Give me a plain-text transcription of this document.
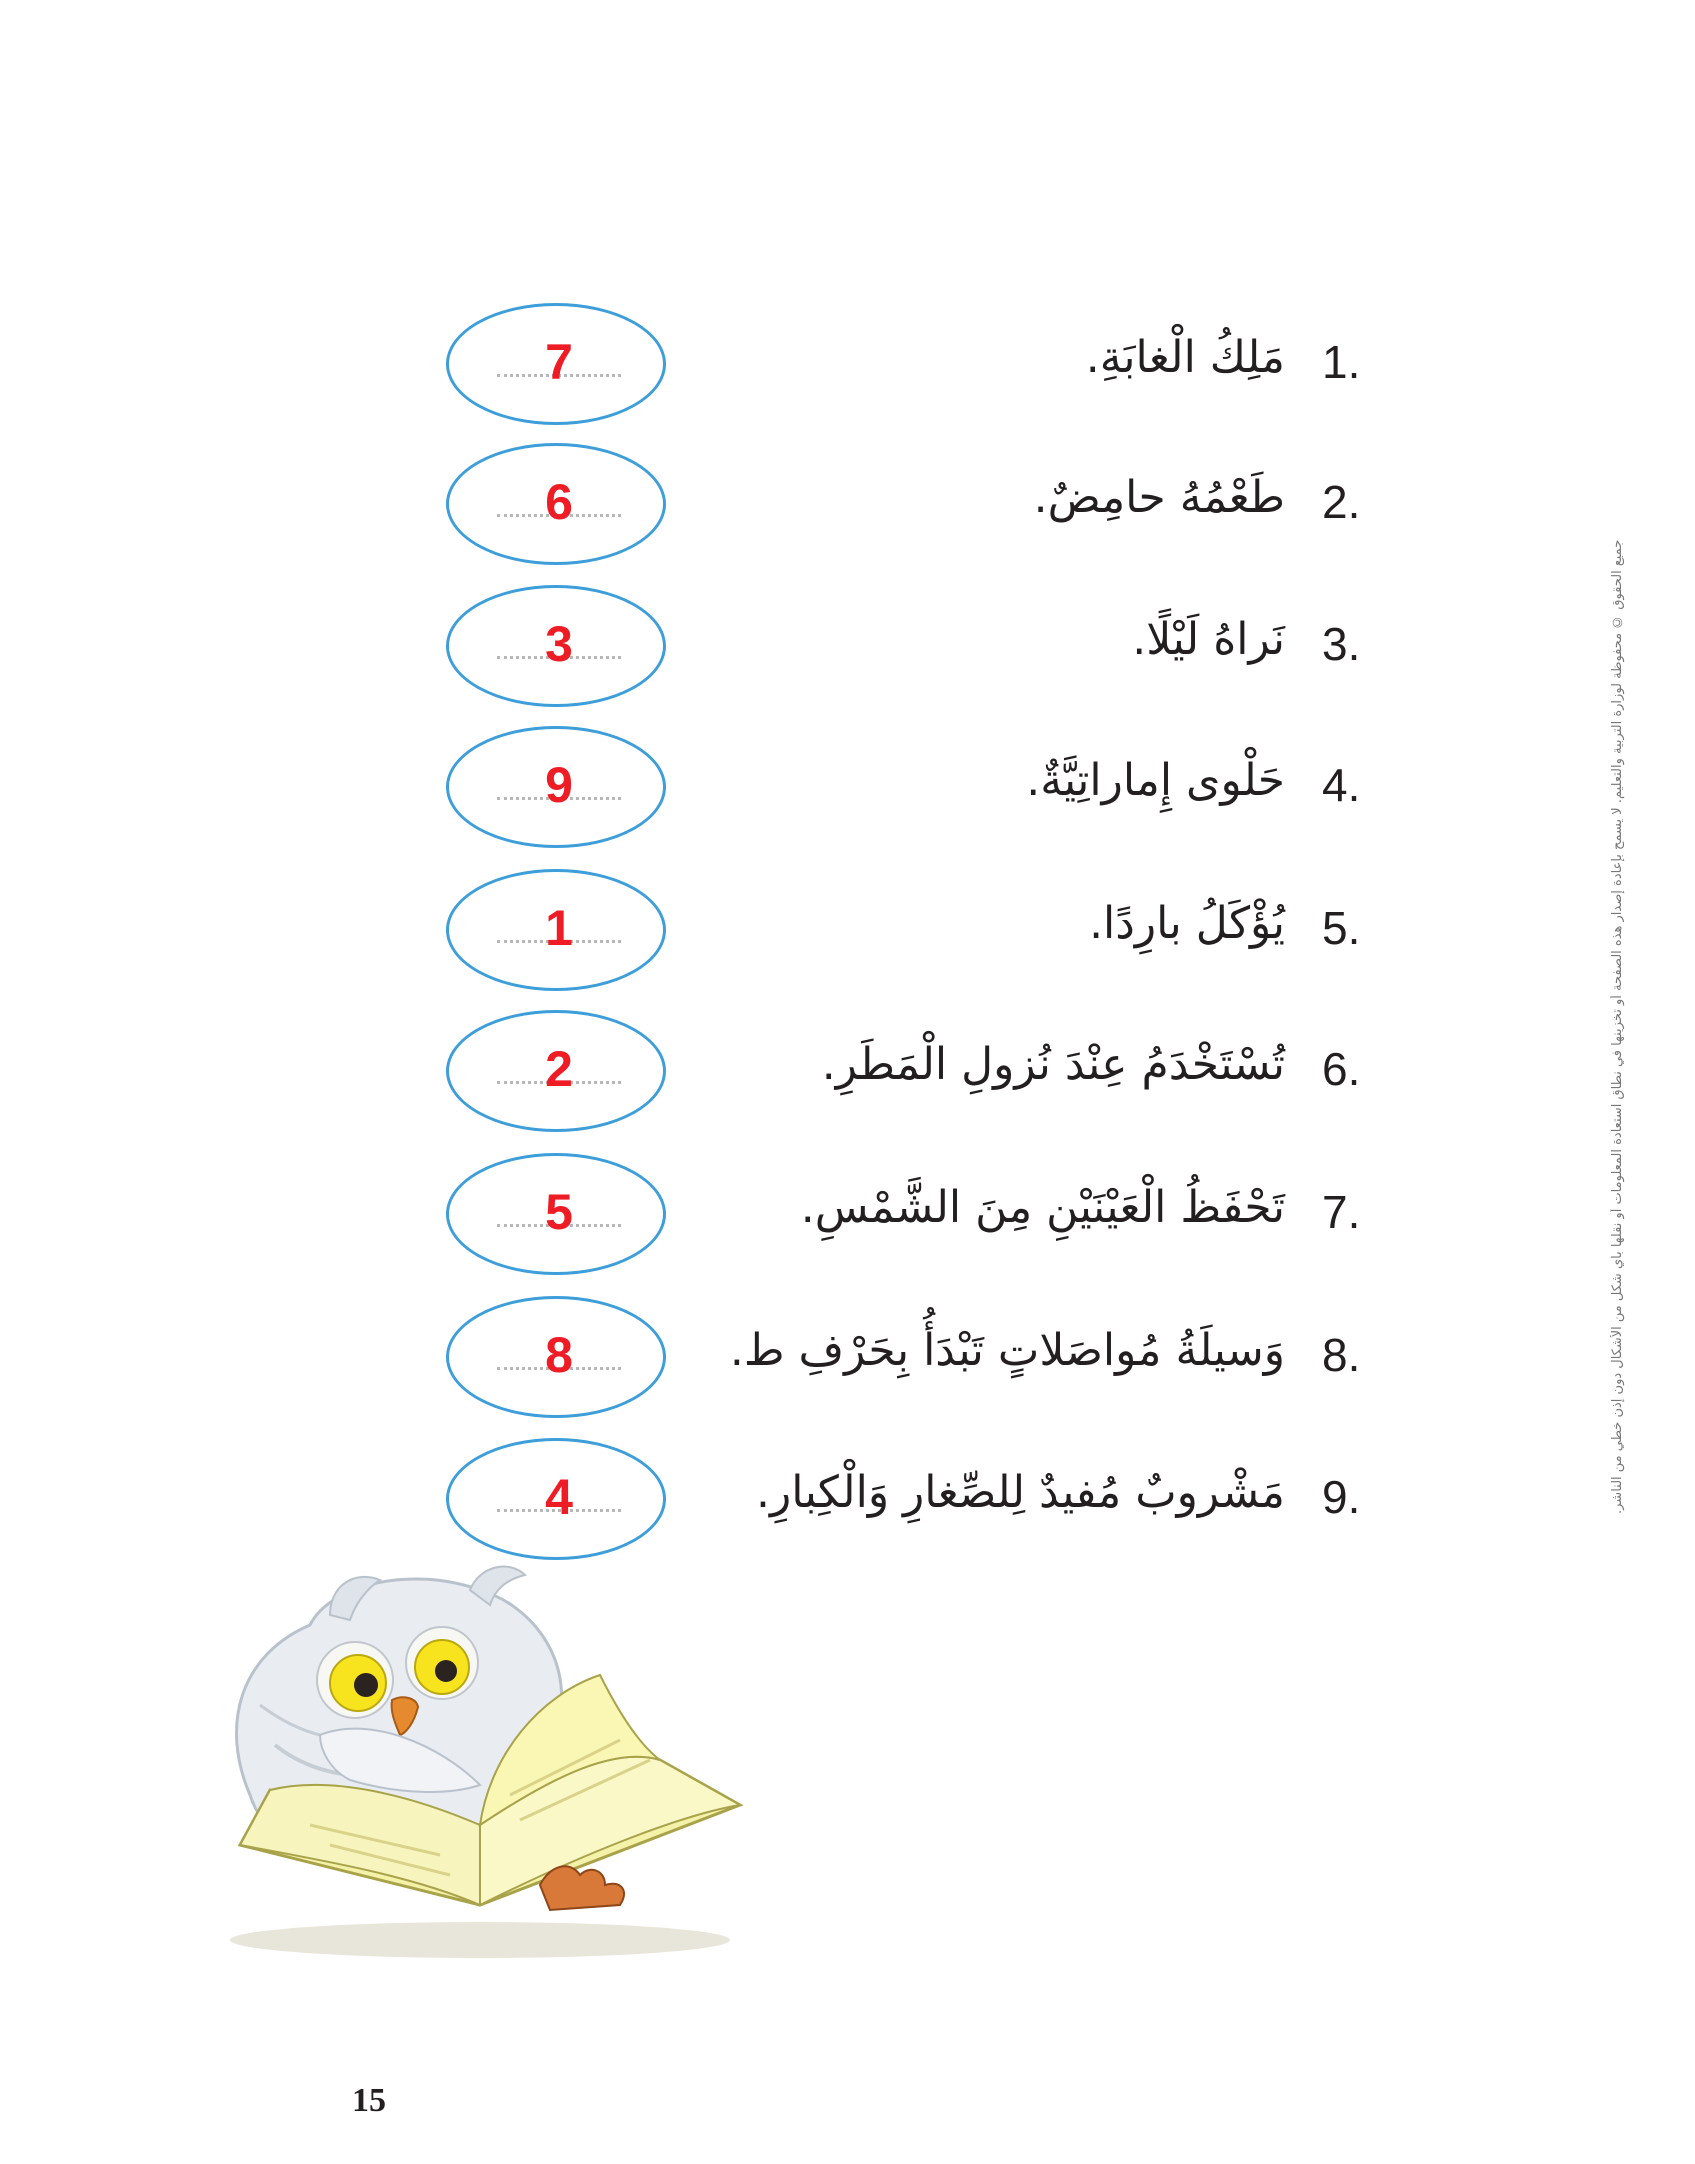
1.
مَلِكُ الْغابَةِ.
7
2.
طَعْمُهُ حامِضٌ.
6
3.
نَراهُ لَيْلًا.
3
4.
حَلْوى إِماراتِيَّةٌ.
9
5.
يُؤْكَلُ بارِدًا.
1
6.
تُسْتَخْدَمُ عِنْدَ نُزولِ الْمَطَرِ.
2
7.
تَحْفَظُ الْعَيْنَيْنِ مِنَ الشَّمْسِ.
5
8.
وَسيلَةُ مُواصَلاتٍ تَبْدَأُ بِحَرْفِ ط.
8
9.
مَشْروبٌ مُفيدٌ لِلصِّغارِ وَالْكِبارِ.
4	جميع الحقوق © محفوظة لوزارة التربية والتعليم. لا يسمح بإعادة إصدار هذه الصفحة أو تخزينها في نطاق استعادة المعلومات أو نقلها بأي شكل من الأشكال دون إذن خطي من الناشر.
15
